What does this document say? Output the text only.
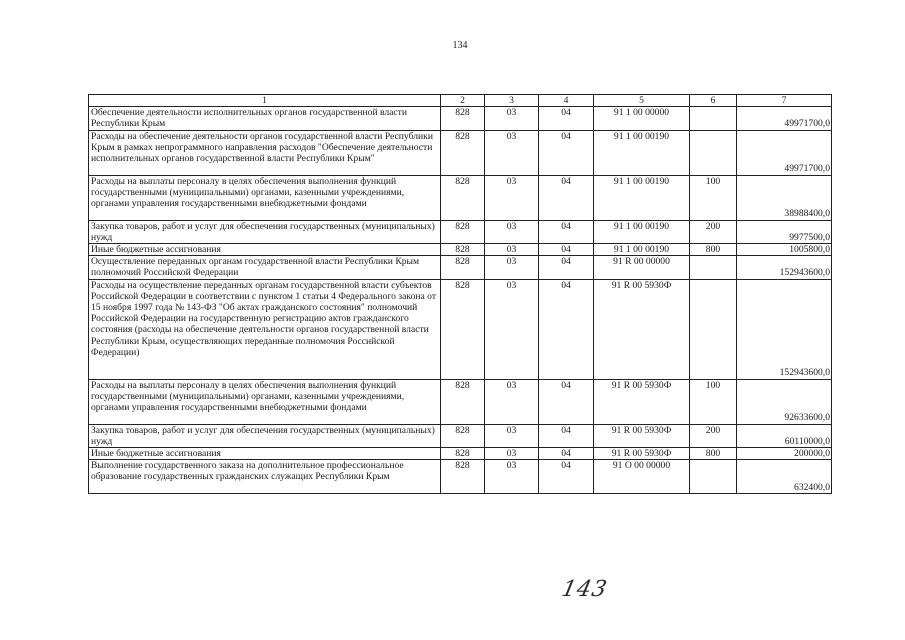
134
1	2	3	4	5	6	7
Обеспечение деятельности исполнительных органов государственной власти Республики Крым	828	03	04	91 1 00 00000		49971700,0
Расходы на обеспечение деятельности органов государственной власти Республики Крым в рамках непрограммного направления расходов "Обеспечение деятельности исполнительных органов государственной власти Республики Крым"	828	03	04	91 1 00 00190		49971700,0
Расходы на выплаты персоналу в целях обеспечения выполнения функций государственными (муниципальными) органами, казенными учреждениями, органами управления государственными внебюджетными фондами	828	03	04	91 1 00 00190	100	38988400,0
Закупка товаров, работ и услуг для обеспечения государственных (муниципальных) нужд	828	03	04	91 1 00 00190	200	9977500,0
Иные бюджетные ассигнования	828	03	04	91 1 00 00190	800	1005800,0
Осуществление переданных органам государственной власти Республики Крым полномочий Российской Федерации	828	03	04	91 R 00 00000		152943600,0
Расходы на осуществление переданных органам государственной власти субъектов Российской Федерации в соответствии с пунктом 1 статьи 4 Федерального закона от 15 ноября 1997 года № 143-ФЗ "Об актах гражданского состояния" полномочий Российской Федерации на государственную регистрацию актов гражданского состояния (расходы на обеспечение деятельности органов государственной власти Республики Крым, осуществляющих переданные полномочия Российской Федерации)	828	03	04	91 R 00 5930Ф		152943600,0
Расходы на выплаты персоналу в целях обеспечения выполнения функций государственными (муниципальными) органами, казенными учреждениями, органами управления государственными внебюджетными фондами	828	03	04	91 R 00 5930Ф	100	92633600,0
Закупка товаров, работ и услуг для обеспечения государственных (муниципальных) нужд	828	03	04	91 R 00 5930Ф	200	60110000,0
Иные бюджетные ассигнования	828	03	04	91 R 00 5930Ф	800	200000,0
Выполнение государственного заказа на дополнительное профессиональное образование государственных гражданских служащих Республики Крым	828	03	04	91 О 00 00000		632400,0
143
